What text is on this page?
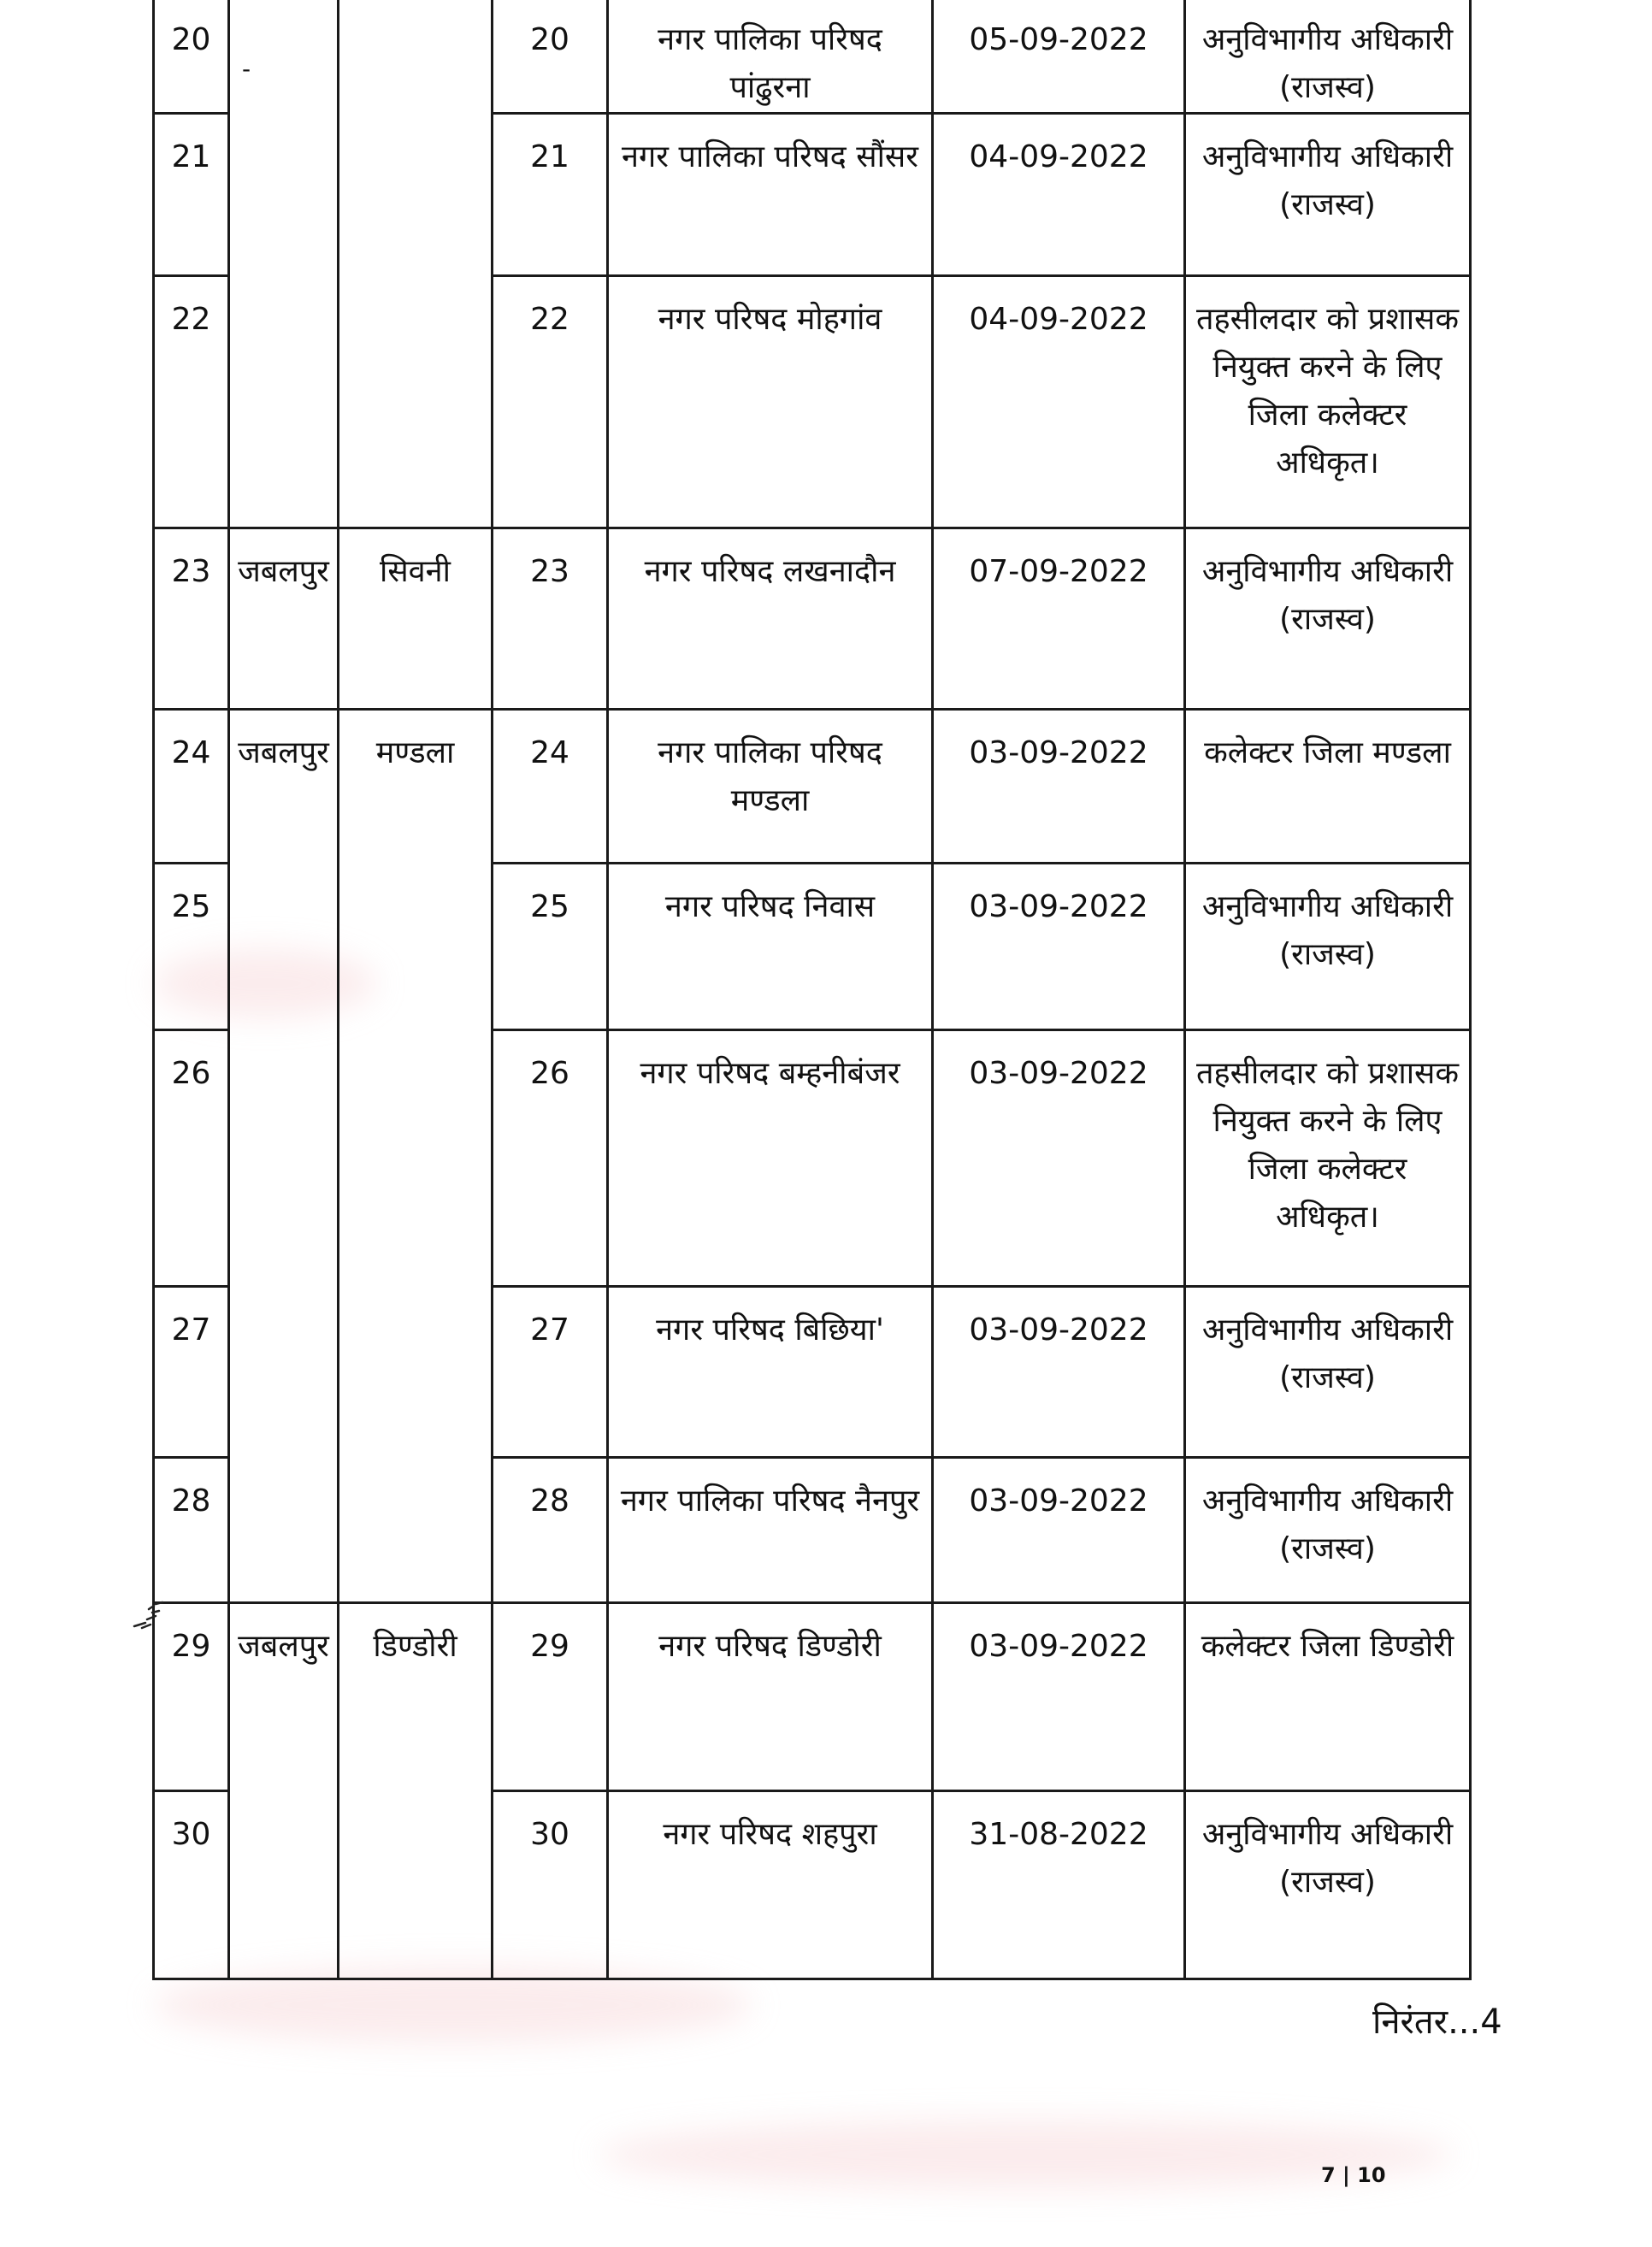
20			20	नगर पालिका परिषद पांढुरना	05-09-2022	अनुविभागीय अधिकारी (राजस्व)
21			21	नगर पालिका परिषद सौंसर	04-09-2022	अनुविभागीय अधिकारी (राजस्व)
22			22	नगर परिषद मोहगांव	04-09-2022	तहसीलदार को प्रशासक नियुक्त करने के लिए जिला कलेक्टर अधिकृत।
23	जबलपुर	सिवनी	23	नगर परिषद लखनादौन	07-09-2022	अनुविभागीय अधिकारी (राजस्व)
24	जबलपुर	मण्डला	24	नगर पालिका परिषद मण्डला	03-09-2022	कलेक्टर जिला मण्डला
25			25	नगर परिषद निवास	03-09-2022	अनुविभागीय अधिकारी (राजस्व)
26			26	नगर परिषद बम्हनीबंजर	03-09-2022	तहसीलदार को प्रशासक नियुक्त करने के लिए जिला कलेक्टर अधिकृत।
27			27	नगर परिषद बिछिया'	03-09-2022	अनुविभागीय अधिकारी (राजस्व)
28			28	नगर पालिका परिषद नैनपुर	03-09-2022	अनुविभागीय अधिकारी (राजस्व)
29	जबलपुर	डिण्डोरी	29	नगर परिषद डिण्डोरी	03-09-2022	कलेक्टर जिला डिण्डोरी
30			30	नगर परिषद शहपुरा	31-08-2022	अनुविभागीय अधिकारी (राजस्व)
-
निरंतर...4
7 | 10
